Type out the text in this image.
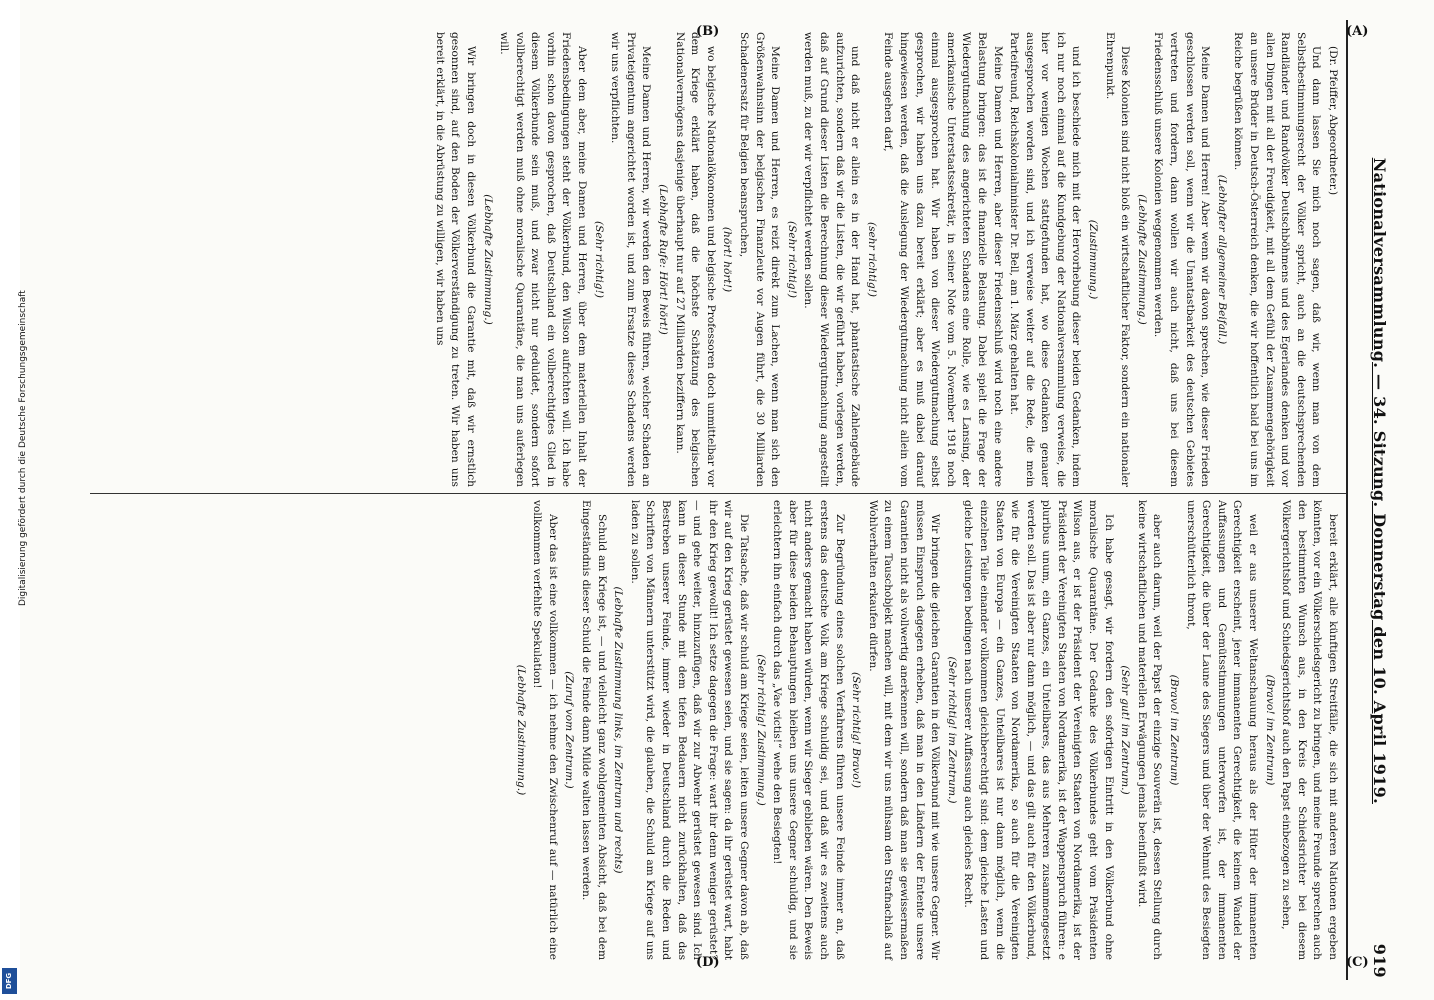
Nationalversammlung. — 34. Sitzung. Donnerstag den 10. April 1919.
919
(A)
(B)
(C)
(D)

(Dr. Pfeiffer, Abgeordneter.)

Und dann lassen Sie mich noch sagen, daß wir, wenn man von dem Selbstbestimmungsrecht der Völker spricht, auch an die deutschsprechenden Randländer und Randvölker Deutschböhmens und des Egerlandes denken und vor allen Dingen mit all der Freudigkeit, mit all dem Gefühl der Zusammengehörigkeit an unsere Brüder in Deutsch-Österreich denken, die wir hoffentlich bald bei uns im Reiche begrüßen können.

(Lebhafter allgemeiner Beifall.)

Meine Damen und Herren! Aber wenn wir davon sprechen, wie dieser Frieden geschlossen werden soll, wenn wir die Unantastbarkeit des deutschen Gebietes vertreten und fordern, dann wollen wir auch nicht, daß uns bei diesem Friedensschluß unsere Kolonien weggenommen werden.

(Lebhafte Zustimmung.)

Diese Kolonien sind nicht bloß ein wirtschaftlicher Faktor, sondern ein nationaler Ehrenpunkt.

(Zustimmung.)

und ich beschiede mich mit der Hervorhebung dieser beiden Gedanken, indem ich nur noch einmal auf die Kundgebung der Nationalversammlung verweise, die hier vor wenigen Wochen stattgefunden hat, wo diese Gedanken genauer ausgesprochen worden sind, und ich verweise weiter auf die Rede, die mein Parteifreund, Reichskolonialminister Dr. Bell, am 1. März gehalten hat.

Meine Damen und Herren, aber dieser Friedensschluß wird noch eine andere Belastung bringen: das ist die finanzielle Belastung. Dabei spielt die Frage der Wiedergutmachung des angerichteten Schadens eine Rolle, wie es Lansing, der amerikanische Unterstaatssekretär, in seiner Note vom 5. November 1918 noch einmal ausgesprochen hat. Wir haben von dieser Wiedergutmachung selbst gesprochen, wir haben uns dazu bereit erklärt; aber es muß dabei darauf hingewiesen werden, daß die Auslegung der Wiedergutmachung nicht allein vom Feinde ausgehen darf,

(sehr richtig!)

und daß nicht er allein es in der Hand hat, phantastische Zahlengebäude aufzurichten, sondern daß wir die Listen, die wir geführt haben, vorlegen werden, daß auf Grund dieser Listen die Berechnung dieser Wiedergutmachung angestellt werden muß, zu der wir verpflichtet werden sollen.

(Sehr richtig!)

Meine Damen und Herren, es reizt direkt zum Lachen, wenn man sich den Größenwahnsinn der belgischen Finanzleute vor Augen führt, die 30 Milliarden Schadenersatz für Belgien beanspruchen,

(hört! hört!)

wo belgische Nationalökonomen und belgische Professoren doch unmittelbar vor dem Kriege erklärt haben, daß die höchste Schätzung des belgischen Nationalvermögens dasjenige überhaupt nur auf 27 Milliarden beziffern kann.

(Lebhafte Rufe: Hört! hört!)

Meine Damen und Herren, wir werden den Beweis führen, welcher Schaden an Privateigentum angerichtet worden ist, und zum Ersatze dieses Schadens werden wir uns verpflichten.

(Sehr richtig!)

Aber dem aber, meine Damen und Herren, über dem materiellen Inhalt der Friedensbedingungen steht der Völkerbund, den Wilson aufrichten will. Ich habe vorhin schon davon gesprochen, daß Deutschland ein vollberechtigtes Glied in diesem Völkerbunde sein muß, und zwar nicht nur geduldet, sondern sofort vollberechtigt werden muß ohne moralische Quarantäne, die man uns auferlegen will.

(Lebhafte Zustimmung.)

Wir bringen doch in diesen Völkerbund die Garantie mit, daß wir ernstlich gesonnen sind, auf den Boden der Völkerverständigung zu treten. Wir haben uns bereit erklärt, in die Abrüstung zu willigen, wir haben uns

bereit erklärt, alle künftigen Streitfälle, die sich mit anderen Nationen ergeben könnten, vor ein Völkerschiedsgericht zu bringen, und meine Freunde sprechen auch den bestimmten Wunsch aus, in den Kreis der Schiedsrichter bei diesem Völkergerichtshof und Schiedsgerichtshof auch den Papst einbezogen zu sehen,

(Bravo! im Zentrum)

weil er aus unserer Weltanschauung heraus als der Hüter der immanenten Gerechtigkeit erscheint, jener immanenten Gerechtigkeit, die keinem Wandel der Auffassungen und Gemütsstimmungen unterworfen ist, der immanenten Gerechtigkeit, die über der Laune des Siegers und über der Wehmut des Besiegten unerschütterlich thront,

(Bravo! im Zentrum)

aber auch darum, weil der Papst der einzige Souverän ist, dessen Stellung durch keine wirtschaftlichen und materiellen Erwägungen jemals beeinflußt wird.

(Sehr gut! im Zentrum.)

Ich habe gesagt, wir fordern den sofortigen Eintritt in den Völkerbund ohne moralische Quarantäne. Der Gedanke des Völkerbundes geht vom Präsidenten Wilson aus, er ist der Präsident der Vereinigten Staaten von Nordamerika, ist der Präsident der Vereinigten Staaten von Nordamerika, ist der Wappenspruch führen: e pluribus unum, ein Ganzes, ein Unteilbares, das aus Mehreren zusammengesetzt werden soll. Das ist aber nur dann möglich, — und das gilt auch für den Völkerbund, wie für die Vereinigten Staaten von Nordamerika, so auch für die Vereinigten Staaten von Europa — ein Ganzes, Unteilbares ist nur dann möglich, wenn die einzelnen Teile einander vollkommen gleichberechtigt sind: dem gleiche Lasten und gleiche Leistungen bedingen nach unserer Auffassung auch gleiches Recht.

(Sehr richtig! im Zentrum.)

Wir bringen die gleichen Garantien in den Völkerbund mit wie unsere Gegner. Wir müssen Einspruch dagegen erheben, daß man in den Ländern der Entente unsere Garantien nicht als vollwertig anerkennen will, sondern daß man sie gewissermaßen zu einem Tauschobjekt machen will, mit dem wir uns mühsam den Strafnachlaß auf Wohlverhalten erkaufen dürfen.

(Sehr richtig! Bravo!)

Zur Begründung eines solchen Verfahrens führen unsere Feinde immer an, daß erstens das deutsche Volk am Kriege schuldig sei, und daß wir es zweitens auch nicht anders gemacht haben würden, wenn wir Sieger geblieben wären. Den Beweis aber für diese beiden Behauptungen bleiben uns unsere Gegner schuldig, und sie erleichtern ihn einfach durch das „Vae victis!“ wehe den Besiegten!

(Sehr richtig! Zustimmung.)

Die Tatsache, daß wir schuld am Kriege seien, leiten unsere Gegner davon ab, daß wir auf den Krieg gerüstet gewesen seien, und sie sagen: da ihr gerüstet wart, habt ihr den Krieg gewollt! Ich setze dagegen die Frage: wart ihr denn weniger gerüstet? — und gehe weiter, hinzuzufügen, daß wir zur Abwehr gerüstet gewesen sind. Ich kann in dieser Stunde mit dem tiefen Bedauern nicht zurückhalten, daß das Bestreben unserer Feinde, immer wieder in Deutschland durch die Reden und Schriften von Männern unterstützt wird, die glauben, die Schuld am Kriege auf uns laden zu sollen.

(Lebhafte Zustimmung links, im Zentrum und rechts)

Schuld am Kriege ist, — und vielleicht ganz wohlgemeinten Absicht, daß bei dem Eingeständnis dieser Schuld die Feinde dann Milde walten lassen werden.

(Zuruf vom Zentrum.)

Aber das ist eine vollkommen — ich nehme den Zwischenruf auf — natürlich eine vollkommen verfehlte Spekulation!

(Lebhafte Zustimmung.)

Digitalisierung gefördert durch die Deutsche Forschungsgemeinschaft
DFG
